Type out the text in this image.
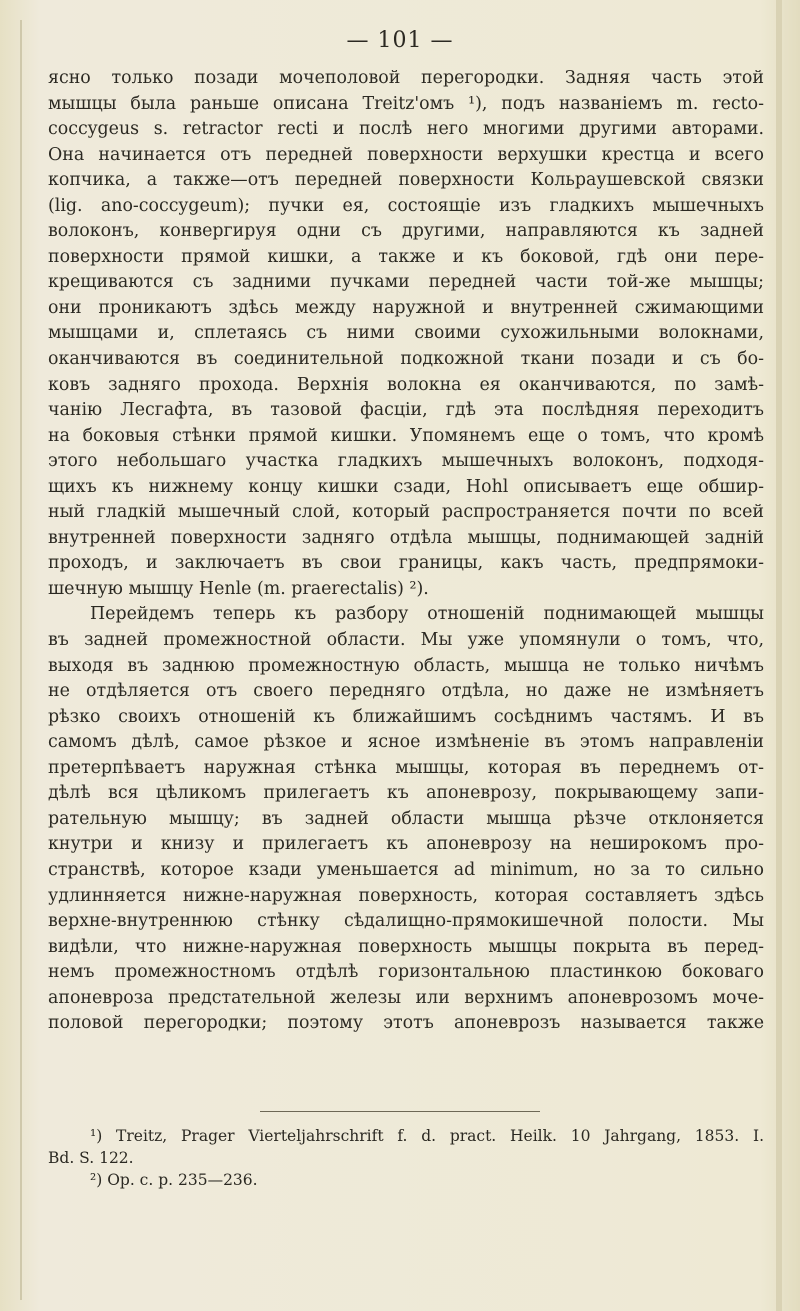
— 101 —
ясно только позади мочеполовой перегородки. Задняя часть этой
мышцы была раньше описана Treitz'омъ ¹), подъ названіемъ m. recto-
coccygeus s. retractor recti и послѣ него многими другими авторами.
Она начинается отъ передней поверхности верхушки крестца и всего
копчика, а также—отъ передней поверхности Кольраушевской связки
(lig. ano-coccygeum); пучки ея, состоящіе изъ гладкихъ мышечныхъ
волоконъ, конвергируя одни съ другими, направляются къ задней
поверхности прямой кишки, а также и къ боковой, гдѣ они пере-
крещиваются съ задними пучками передней части той-же мышцы;
они проникаютъ здѣсь между наружной и внутренней сжимающими
мышцами и, сплетаясь съ ними своими сухожильными волокнами,
оканчиваются въ соединительной подкожной ткани позади и съ бо-
ковъ задняго прохода. Верхнія волокна ея оканчиваются, по замѣ-
чанію Лесгафта, въ тазовой фасціи, гдѣ эта послѣдняя переходитъ
на боковыя стѣнки прямой кишки. Упомянемъ еще о томъ, что кромѣ
этого небольшаго участка гладкихъ мышечныхъ волоконъ, подходя-
щихъ къ нижнему концу кишки сзади, Hohl описываетъ еще обшир-
ный гладкій мышечный слой, который распространяется почти по всей
внутренней поверхности задняго отдѣла мышцы, поднимающей заднiй
проходъ, и заключаетъ въ свои границы, какъ часть, предпрямоки-
шечную мышцу Henle (m. praerectalis) ²).
Перейдемъ теперь къ разбору отношеній поднимающей мышцы
въ задней промежностной области. Мы уже упомянули о томъ, что,
выходя въ заднюю промежностную область, мышца не только ничѣмъ
не отдѣляется отъ своего передняго отдѣла, но даже не измѣняетъ
рѣзко своихъ отношеній къ ближайшимъ сосѣднимъ частямъ. И въ
самомъ дѣлѣ, самое рѣзкое и ясное измѣненіе въ этомъ направленіи
претерпѣваетъ наружная стѣнка мышцы, которая въ переднемъ от-
дѣлѣ вся цѣликомъ прилегаетъ къ апоневрозу, покрывающему запи-
рательную мышцу; въ задней области мышца рѣзче отклоняется
кнутри и книзу и прилегаетъ къ апоневрозу на неширокомъ про-
странствѣ, которое кзади уменьшается ad minimum, но за то сильно
удлинняется нижне-наружная поверхность, которая составляетъ здѣсь
верхне-внутреннюю стѣнку сѣдалищно-прямокишечной полости. Мы
видѣли, что нижне-наружная поверхность мышцы покрыта въ перед-
немъ промежностномъ отдѣлѣ горизонтальною пластинкою боковаго
апоневроза предстательной железы или верхнимъ апоневрозомъ моче-
половой перегородки; поэтому этотъ апоневрозъ называется также
¹) Treitz, Prager Vierteljahrschrift f. d. pract. Heilk. 10 Jahrgang, 1853. I.
Bd. S. 122.
²) Op. c. p. 235—236.
